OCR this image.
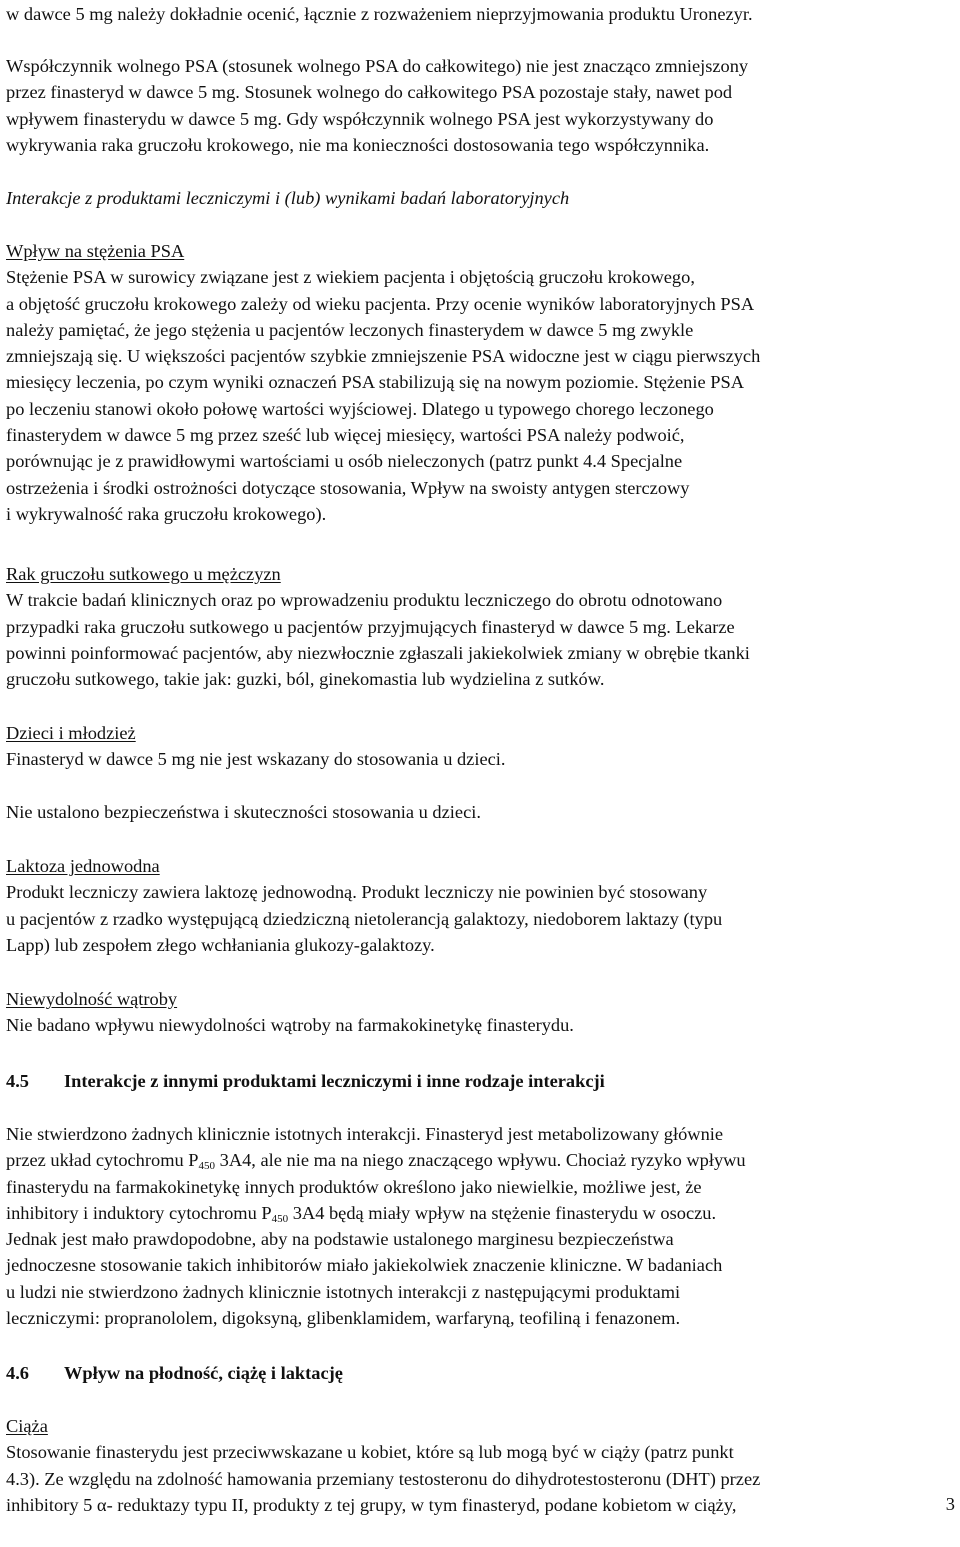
w dawce 5 mg należy dokładnie ocenić, łącznie z rozważeniem nieprzyjmowania produktu Uronezyr.
Współczynnik wolnego PSA (stosunek wolnego PSA do całkowitego) nie jest znacząco zmniejszony
przez finasteryd w dawce 5 mg. Stosunek wolnego do całkowitego PSA pozostaje stały, nawet pod
wpływem finasterydu w dawce 5 mg. Gdy współczynnik wolnego PSA jest wykorzystywany do
wykrywania raka gruczołu krokowego, nie ma konieczności dostosowania tego współczynnika.
Interakcje z produktami leczniczymi i (lub) wynikami badań laboratoryjnych
Wpływ na stężenia PSA
Stężenie PSA w surowicy związane jest z wiekiem pacjenta i objętością gruczołu krokowego,
a objętość gruczołu krokowego zależy od wieku pacjenta. Przy ocenie wyników laboratoryjnych PSA
należy pamiętać, że jego stężenia u pacjentów leczonych finasterydem w dawce 5 mg zwykle
zmniejszają się. U większości pacjentów szybkie zmniejszenie PSA widoczne jest w ciągu pierwszych
miesięcy leczenia, po czym wyniki oznaczeń PSA stabilizują się na nowym poziomie. Stężenie PSA
po leczeniu stanowi około połowę wartości wyjściowej. Dlatego u typowego chorego leczonego
finasterydem w dawce 5 mg przez sześć lub więcej miesięcy, wartości PSA należy podwoić,
porównując je z prawidłowymi wartościami u osób nieleczonych (patrz punkt 4.4 Specjalne
ostrzeżenia i środki ostrożności dotyczące stosowania, Wpływ na swoisty antygen sterczowy
i wykrywalność raka gruczołu krokowego).
Rak gruczołu sutkowego u mężczyzn
W trakcie badań klinicznych oraz po wprowadzeniu produktu leczniczego do obrotu odnotowano
przypadki raka gruczołu sutkowego u pacjentów przyjmujących finasteryd w dawce 5 mg. Lekarze
powinni poinformować pacjentów, aby niezwłocznie zgłaszali jakiekolwiek zmiany w obrębie tkanki
gruczołu sutkowego, takie jak: guzki, ból, ginekomastia lub wydzielina z sutków.
Dzieci i młodzież
Finasteryd w dawce 5 mg nie jest wskazany do stosowania u dzieci.
Nie ustalono bezpieczeństwa i skuteczności stosowania u dzieci.
Laktoza jednowodna
Produkt leczniczy zawiera laktozę jednowodną. Produkt leczniczy nie powinien być stosowany
u pacjentów z rzadko występującą dziedziczną nietolerancją galaktozy, niedoborem laktazy (typu
Lapp) lub zespołem złego wchłaniania glukozy-galaktozy.
Niewydolność wątroby
Nie badano wpływu niewydolności wątroby na farmakokinetykę finasterydu.
4.5 Interakcje z innymi produktami leczniczymi i inne rodzaje interakcji
Nie stwierdzono żadnych klinicznie istotnych interakcji. Finasteryd jest metabolizowany głównie
przez układ cytochromu $P_{450}$ 3A4, ale nie ma na niego znaczącego wpływu. Chociaż ryzyko wpływu
finasterydu na farmakokinetykę innych produktów określono jako niewielkie, możliwe jest, że
inhibitory i induktory cytochromu $P_{450}$ 3A4 będą miały wpływ na stężenie finasterydu w osoczu.
Jednak jest mało prawdopodobne, aby na podstawie ustalonego marginesu bezpieczeństwa
jednoczesne stosowanie takich inhibitorów miało jakiekolwiek znaczenie kliniczne. W badaniach
u ludzi nie stwierdzono żadnych klinicznie istotnych interakcji z następującymi produktami
leczniczymi: propranololem, digoksyną, glibenklamidem, warfaryną, teofiliną i fenazonem.
4.6 Wpływ na płodność, ciążę i laktację
Ciąża
Stosowanie finasterydu jest przeciwwskazane u kobiet, które są lub mogą być w ciąży (patrz punkt
4.3). Ze względu na zdolność hamowania przemiany testosteronu do dihydrotestosteronu (DHT) przez
inhibitory 5 α- reduktazy typu II, produkty z tej grupy, w tym finasteryd, podane kobietom w ciąży,	3
